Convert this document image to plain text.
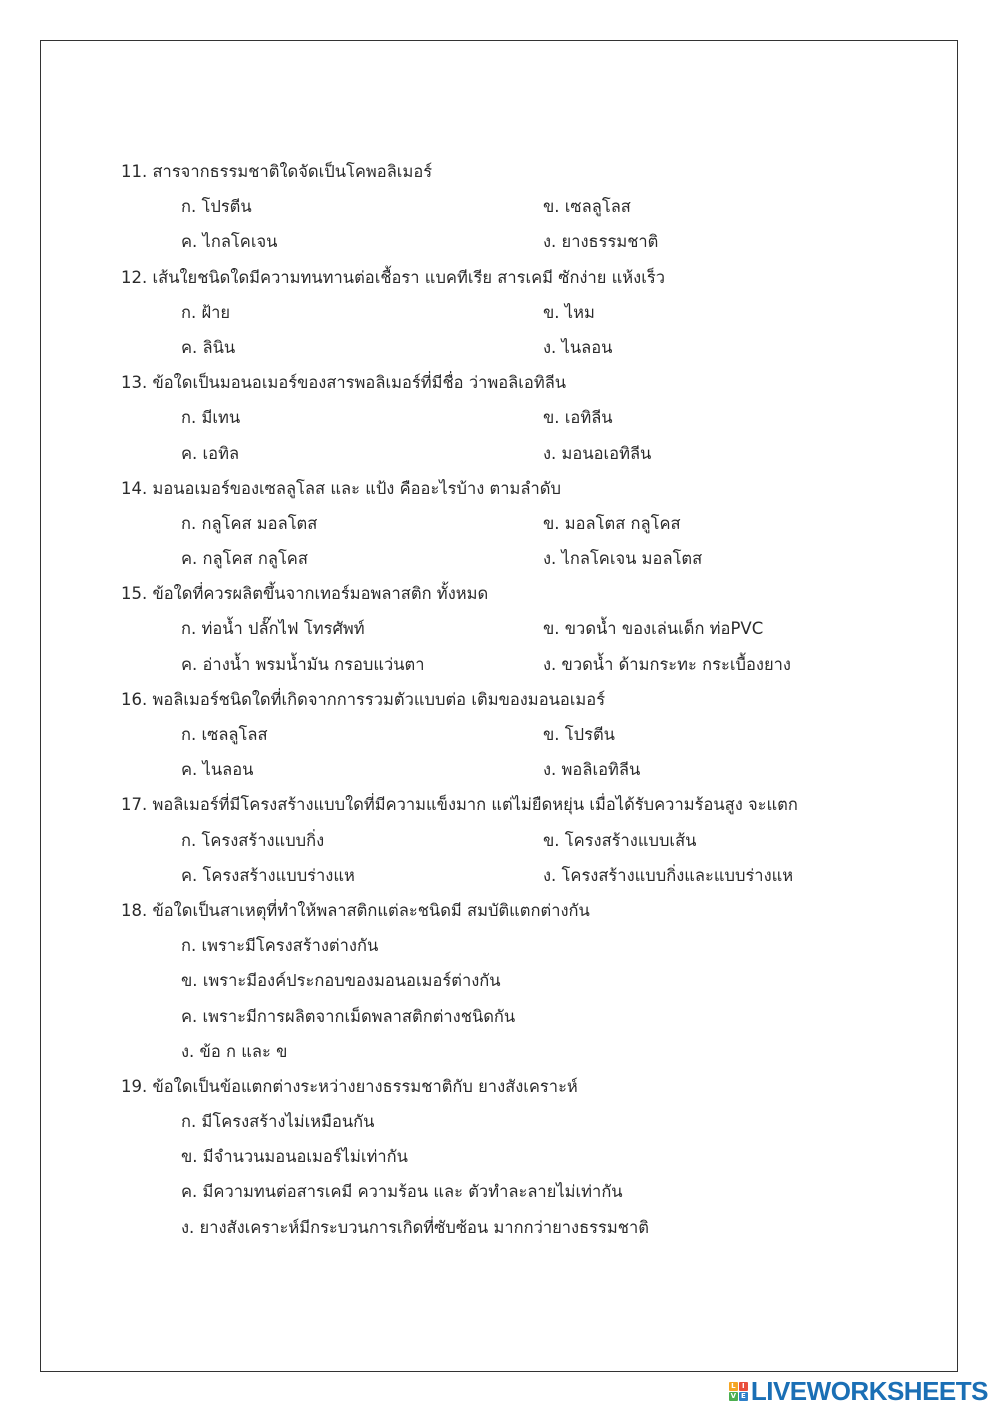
11. สารจากธรรมชาติใดจัดเป็นโคพอลิเมอร์
ก. โปรตีน	ข. เซลลูโลส
ค. ไกลโคเจน	ง. ยางธรรมชาติ
12. เส้นใยชนิดใดมีความทนทานต่อเชื้อรา แบคทีเรีย สารเคมี ซักง่าย แห้งเร็ว
ก. ฝ้าย	ข. ไหม
ค. ลินิน	ง. ไนลอน
13. ข้อใดเป็นมอนอเมอร์ของสารพอลิเมอร์ที่มีชื่อ ว่าพอลิเอทิลีน
ก. มีเทน	ข. เอทิลีน
ค. เอทิล	ง. มอนอเอทิลีน
14. มอนอเมอร์ของเซลลูโลส และ แป้ง คืออะไรบ้าง ตามลำดับ
ก. กลูโคส มอลโตส	ข. มอลโตส กลูโคส
ค. กลูโคส กลูโคส	ง. ไกลโคเจน มอลโตส
15. ข้อใดที่ควรผลิตขึ้นจากเทอร์มอพลาสติก ทั้งหมด
ก. ท่อน้ำ ปลั๊กไฟ โทรศัพท์	ข. ขวดน้ำ ของเล่นเด็ก ท่อPVC
ค. อ่างน้ำ พรมน้ำมัน กรอบแว่นตา	ง. ขวดน้ำ ด้ามกระทะ กระเบื้องยาง
16. พอลิเมอร์ชนิดใดที่เกิดจากการรวมตัวแบบต่อ เติมของมอนอเมอร์
ก. เซลลูโลส	ข. โปรตีน
ค. ไนลอน	ง. พอลิเอทิลีน
17. พอลิเมอร์ที่มีโครงสร้างแบบใดที่มีความแข็งมาก แต่ไม่ยืดหยุ่น เมื่อได้รับความร้อนสูง จะแตก
ก. โครงสร้างแบบกิ่ง	ข. โครงสร้างแบบเส้น
ค. โครงสร้างแบบร่างแห	ง. โครงสร้างแบบกิ่งและแบบร่างแห
18. ข้อใดเป็นสาเหตุที่ทำให้พลาสติกแต่ละชนิดมี สมบัติแตกต่างกัน
ก. เพราะมีโครงสร้างต่างกัน
ข. เพราะมีองค์ประกอบของมอนอเมอร์ต่างกัน
ค. เพราะมีการผลิตจากเม็ดพลาสติกต่างชนิดกัน
ง. ข้อ ก และ ข
19. ข้อใดเป็นข้อแตกต่างระหว่างยางธรรมชาติกับ ยางสังเคราะห์
ก. มีโครงสร้างไม่เหมือนกัน
ข. มีจำนวนมอนอเมอร์ไม่เท่ากัน
ค. มีความทนต่อสารเคมี ความร้อน และ ตัวทำละลายไม่เท่ากัน
ง. ยางสังเคราะห์มีกระบวนการเกิดที่ซับซ้อน มากกว่ายางธรรมชาติ
L I
V E LIVEWORKSHEETS
